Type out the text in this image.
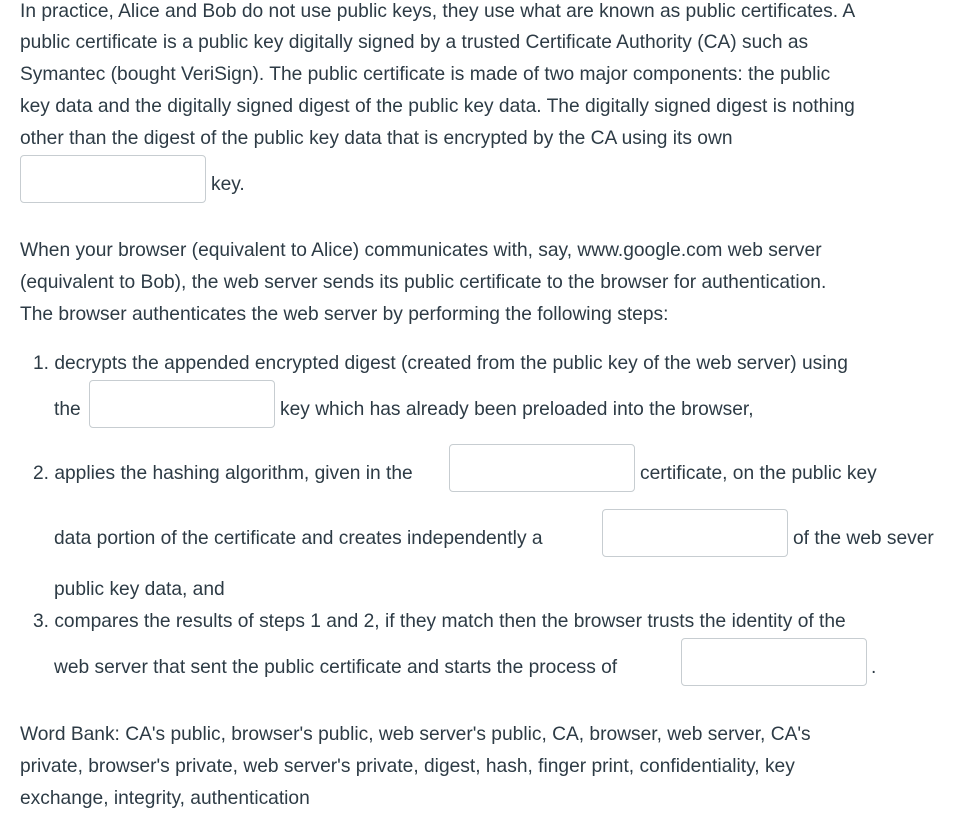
In practice, Alice and Bob do not use public keys, they use what are known as public certificates. A
public certificate is a public key digitally signed by a trusted Certificate Authority (CA) such as
Symantec (bought VeriSign). The public certificate is made of two major components: the public
key data and the digitally signed digest of the public key data. The digitally signed digest is nothing
other than the digest of the public key data that is encrypted by the CA using its own
key.
When your browser (equivalent to Alice) communicates with, say, www.google.com web server
(equivalent to Bob), the web server sends its public certificate to the browser for authentication.
The browser authenticates the web server by performing the following steps:
1. decrypts the appended encrypted digest (created from the public key of the web server) using
the	key which has already been preloaded into the browser,
2. applies the hashing algorithm, given in the	certificate, on the public key
data portion of the certificate and creates independently a	of the web sever
public key data, and
3. compares the results of steps 1 and 2, if they match then the browser trusts the identity of the
web server that sent the public certificate and starts the process of	.
Word Bank: CA's public, browser's public, web server's public, CA, browser, web server, CA's
private, browser's private, web server's private, digest, hash, finger print, confidentiality, key
exchange, integrity, authentication
